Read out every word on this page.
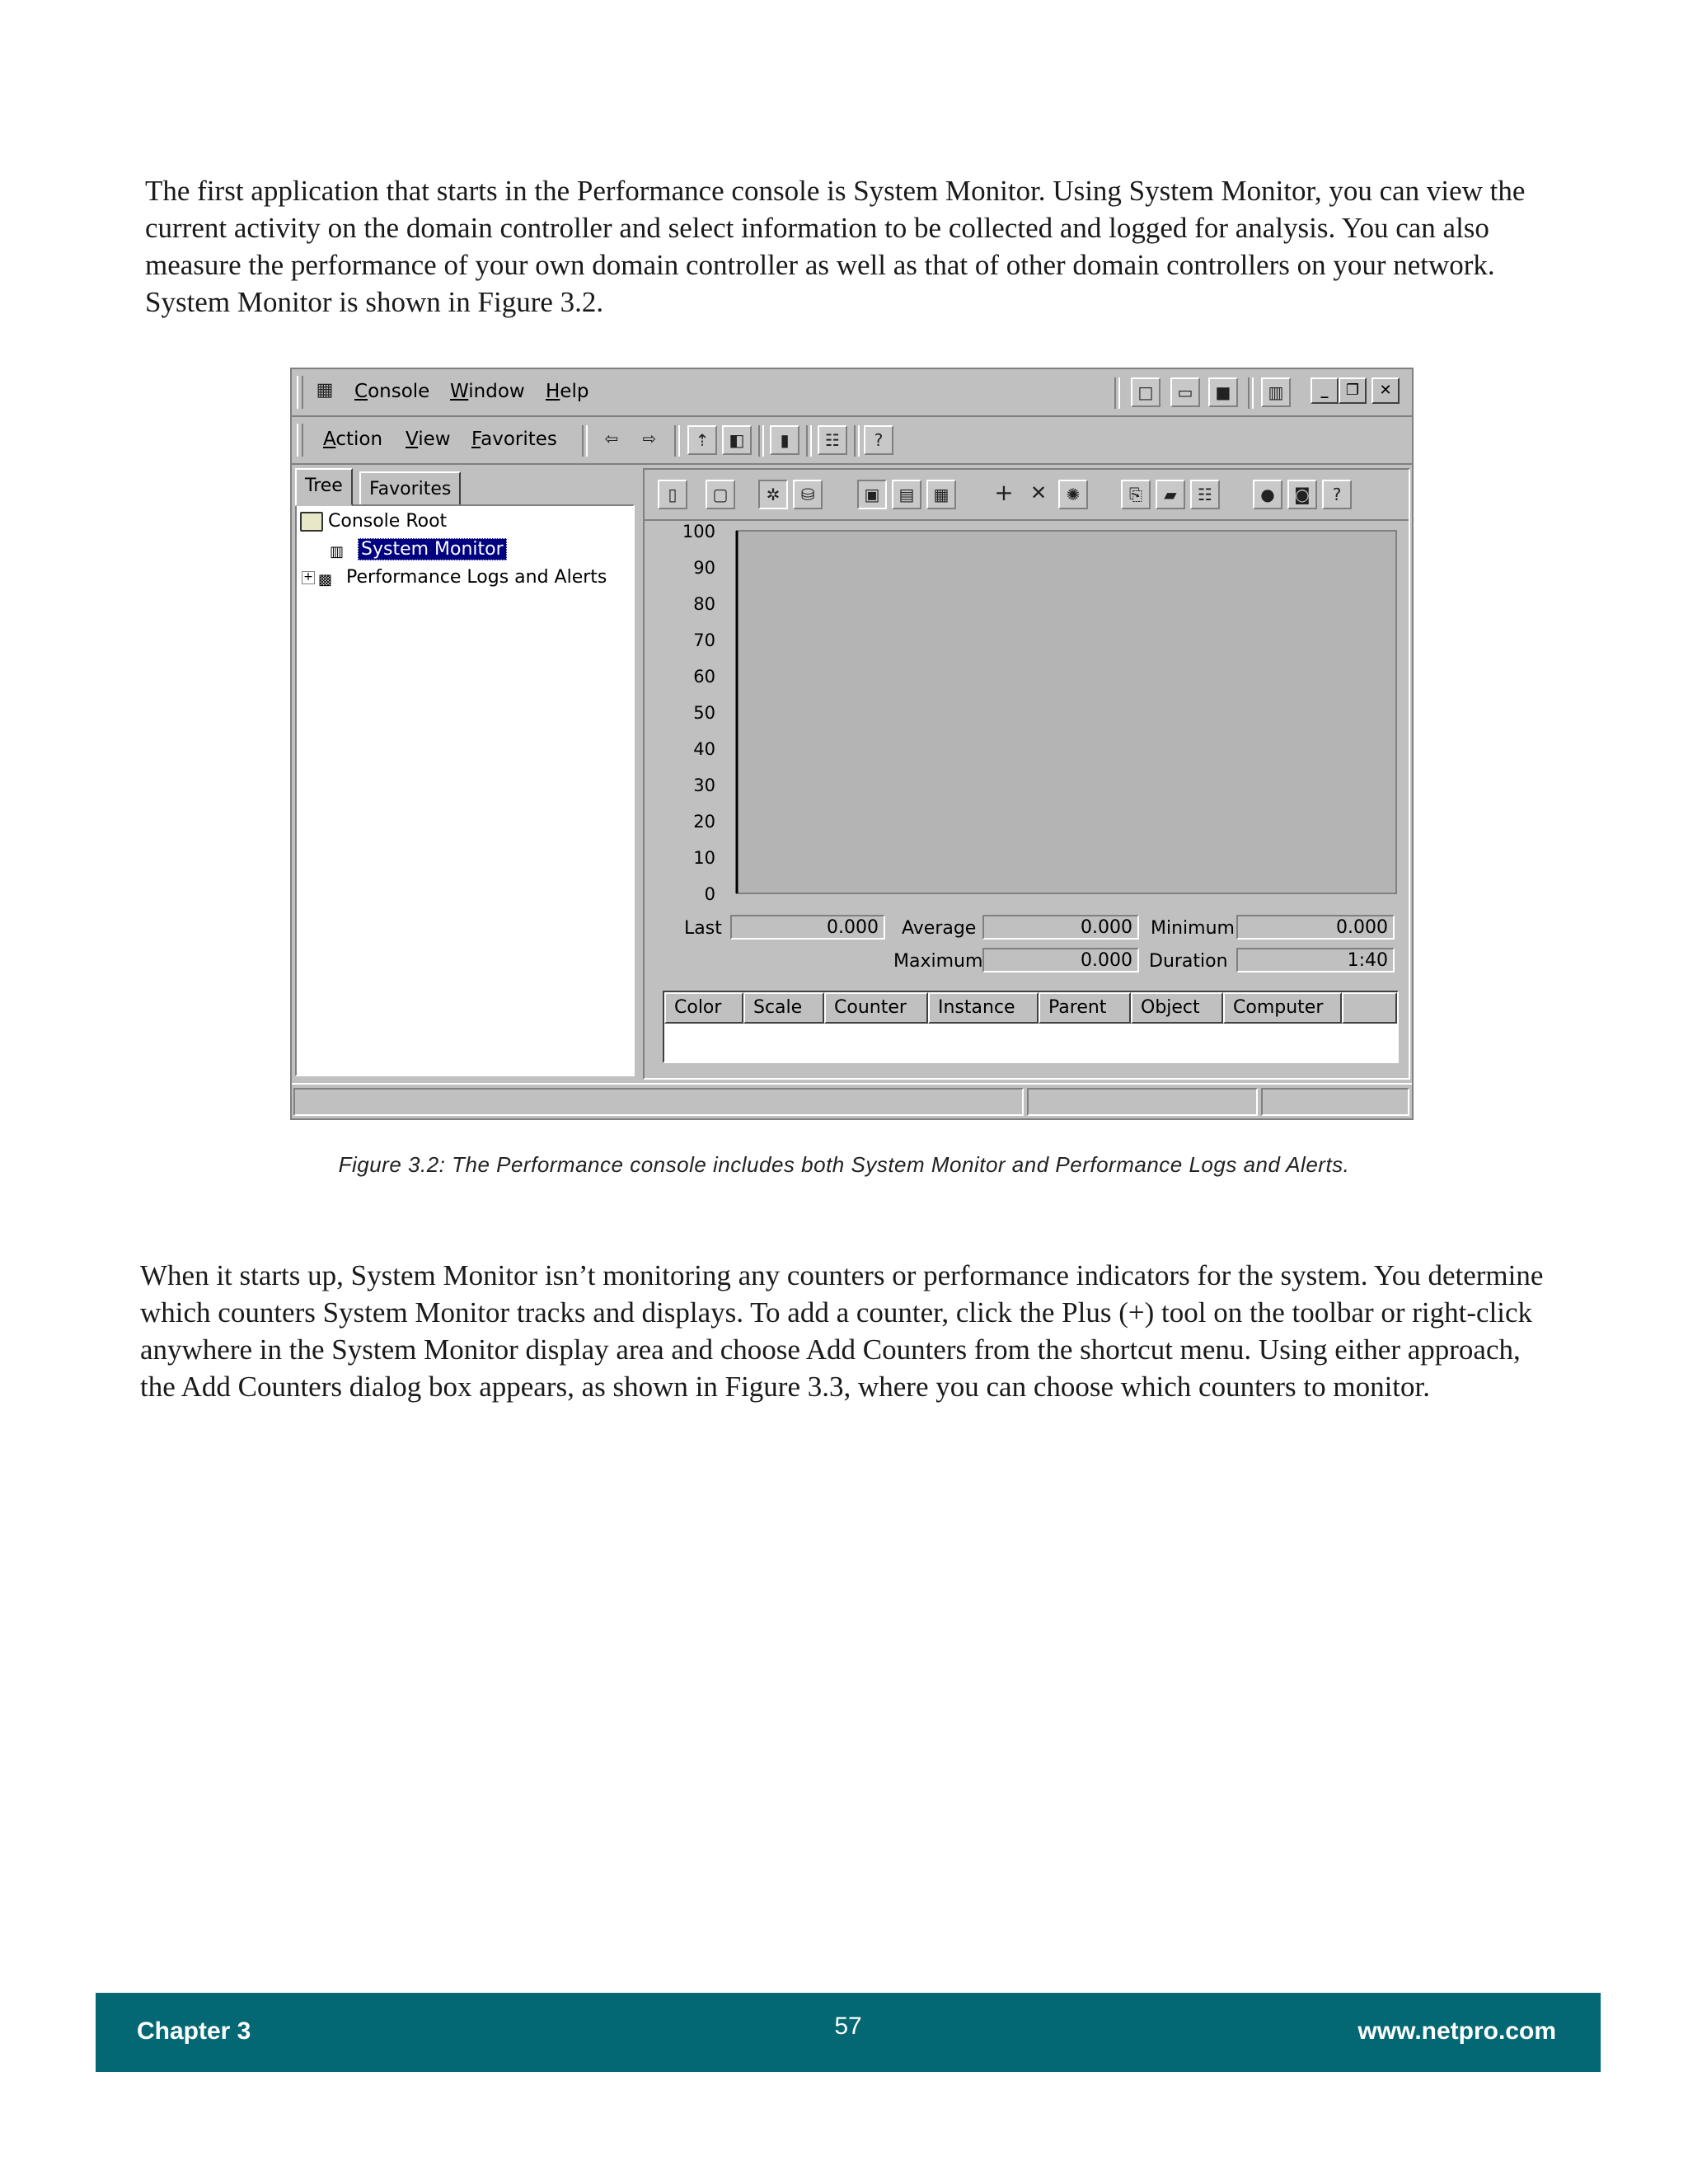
The first application that starts in the Performance console is System Monitor. Using System Monitor, you can view the current activity on the domain controller and select information to be collected and logged for analysis. You can also measure the performance of your own domain controller as well as that of other domain controllers on your network. System Monitor is shown in Figure 3.2.

▦	Console Window Help	□	▭	■	▥	_	❐	✕
Action View Favorites	⇦	⇨	⇡	◧	▮	☷	?
Tree	Favorites
Console Root
▥ System Monitor
+ ▩ Performance Logs and Alerts
▯	▢	✲	⛁	▣	▤	▦	+ ✕	✺	⎘	▰	☷	●	◙	?
100
90
80
70
60
50
40
30
20
10
0
Last	0.000	Average	0.000	Minimum	0.000
Maximum	0.000 Duration	1:40
Color	Scale	Counter	Instance	Parent	Object	Computer
Figure 3.2: The Performance console includes both System Monitor and Performance Logs and Alerts.

When it starts up, System Monitor isn’t monitoring any counters or performance indicators for the system. You determine which counters System Monitor tracks and displays. To add a counter, click the Plus (+) tool on the toolbar or right-click anywhere in the System Monitor display area and choose Add Counters from the shortcut menu. Using either approach, the Add Counters dialog box appears, as shown in Figure 3.3, where you can choose which counters to monitor.

Chapter 3	57	www.netpro.com
